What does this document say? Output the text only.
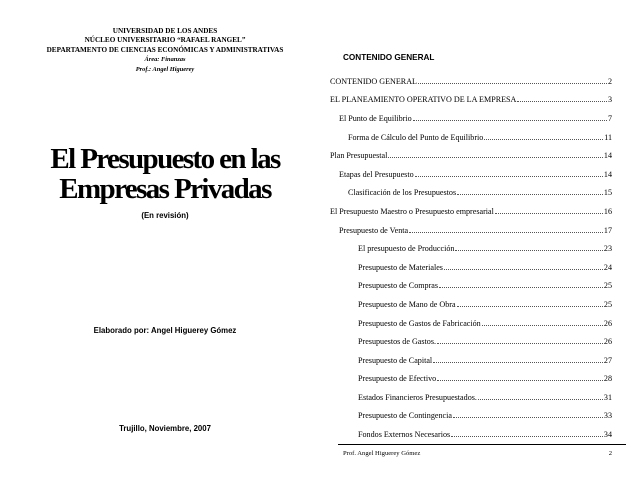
UNIVERSIDAD DE LOS ANDES
NÚCLEO UNIVERSITARIO “RAFAEL RANGEL”
DEPARTAMENTO DE CIENCIAS ECONÓMICAS Y ADMINISTRATIVAS
Área: Finanzas
Prof.: Angel Higuerey
El Presupuesto en las
Empresas Privadas
(En revisión)
Elaborado por: Angel Higuerey Gómez
Trujillo, Noviembre, 2007
CONTENIDO GENERAL
CONTENIDO GENERAL	2
EL PLANEAMIENTO OPERATIVO DE LA EMPRESA	3
El Punto de Equilibrio	7
Forma de Cálculo del Punto de Equilibrio	11
Plan Presupuestal	14
Etapas del Presupuesto	14
Clasificación de los Presupuestos	15
El Presupuesto Maestro o Presupuesto empresarial	16
Presupuesto de Venta	17
El presupuesto de Producción	23
Presupuesto de Materiales	24
Presupuesto de Compras	25
Presupuesto de Mano de Obra	25
Presupuesto de Gastos de Fabricación	26
Presupuestos de Gastos.	26
Presupuesto de Capital	27
Presupuesto de Efectivo	28
Estados Financieros Presupuestados.	31
Presupuesto de Contingencia	33
Fondos Externos Necesarios	34
Prof. Angel Higuerey Gómez	2
